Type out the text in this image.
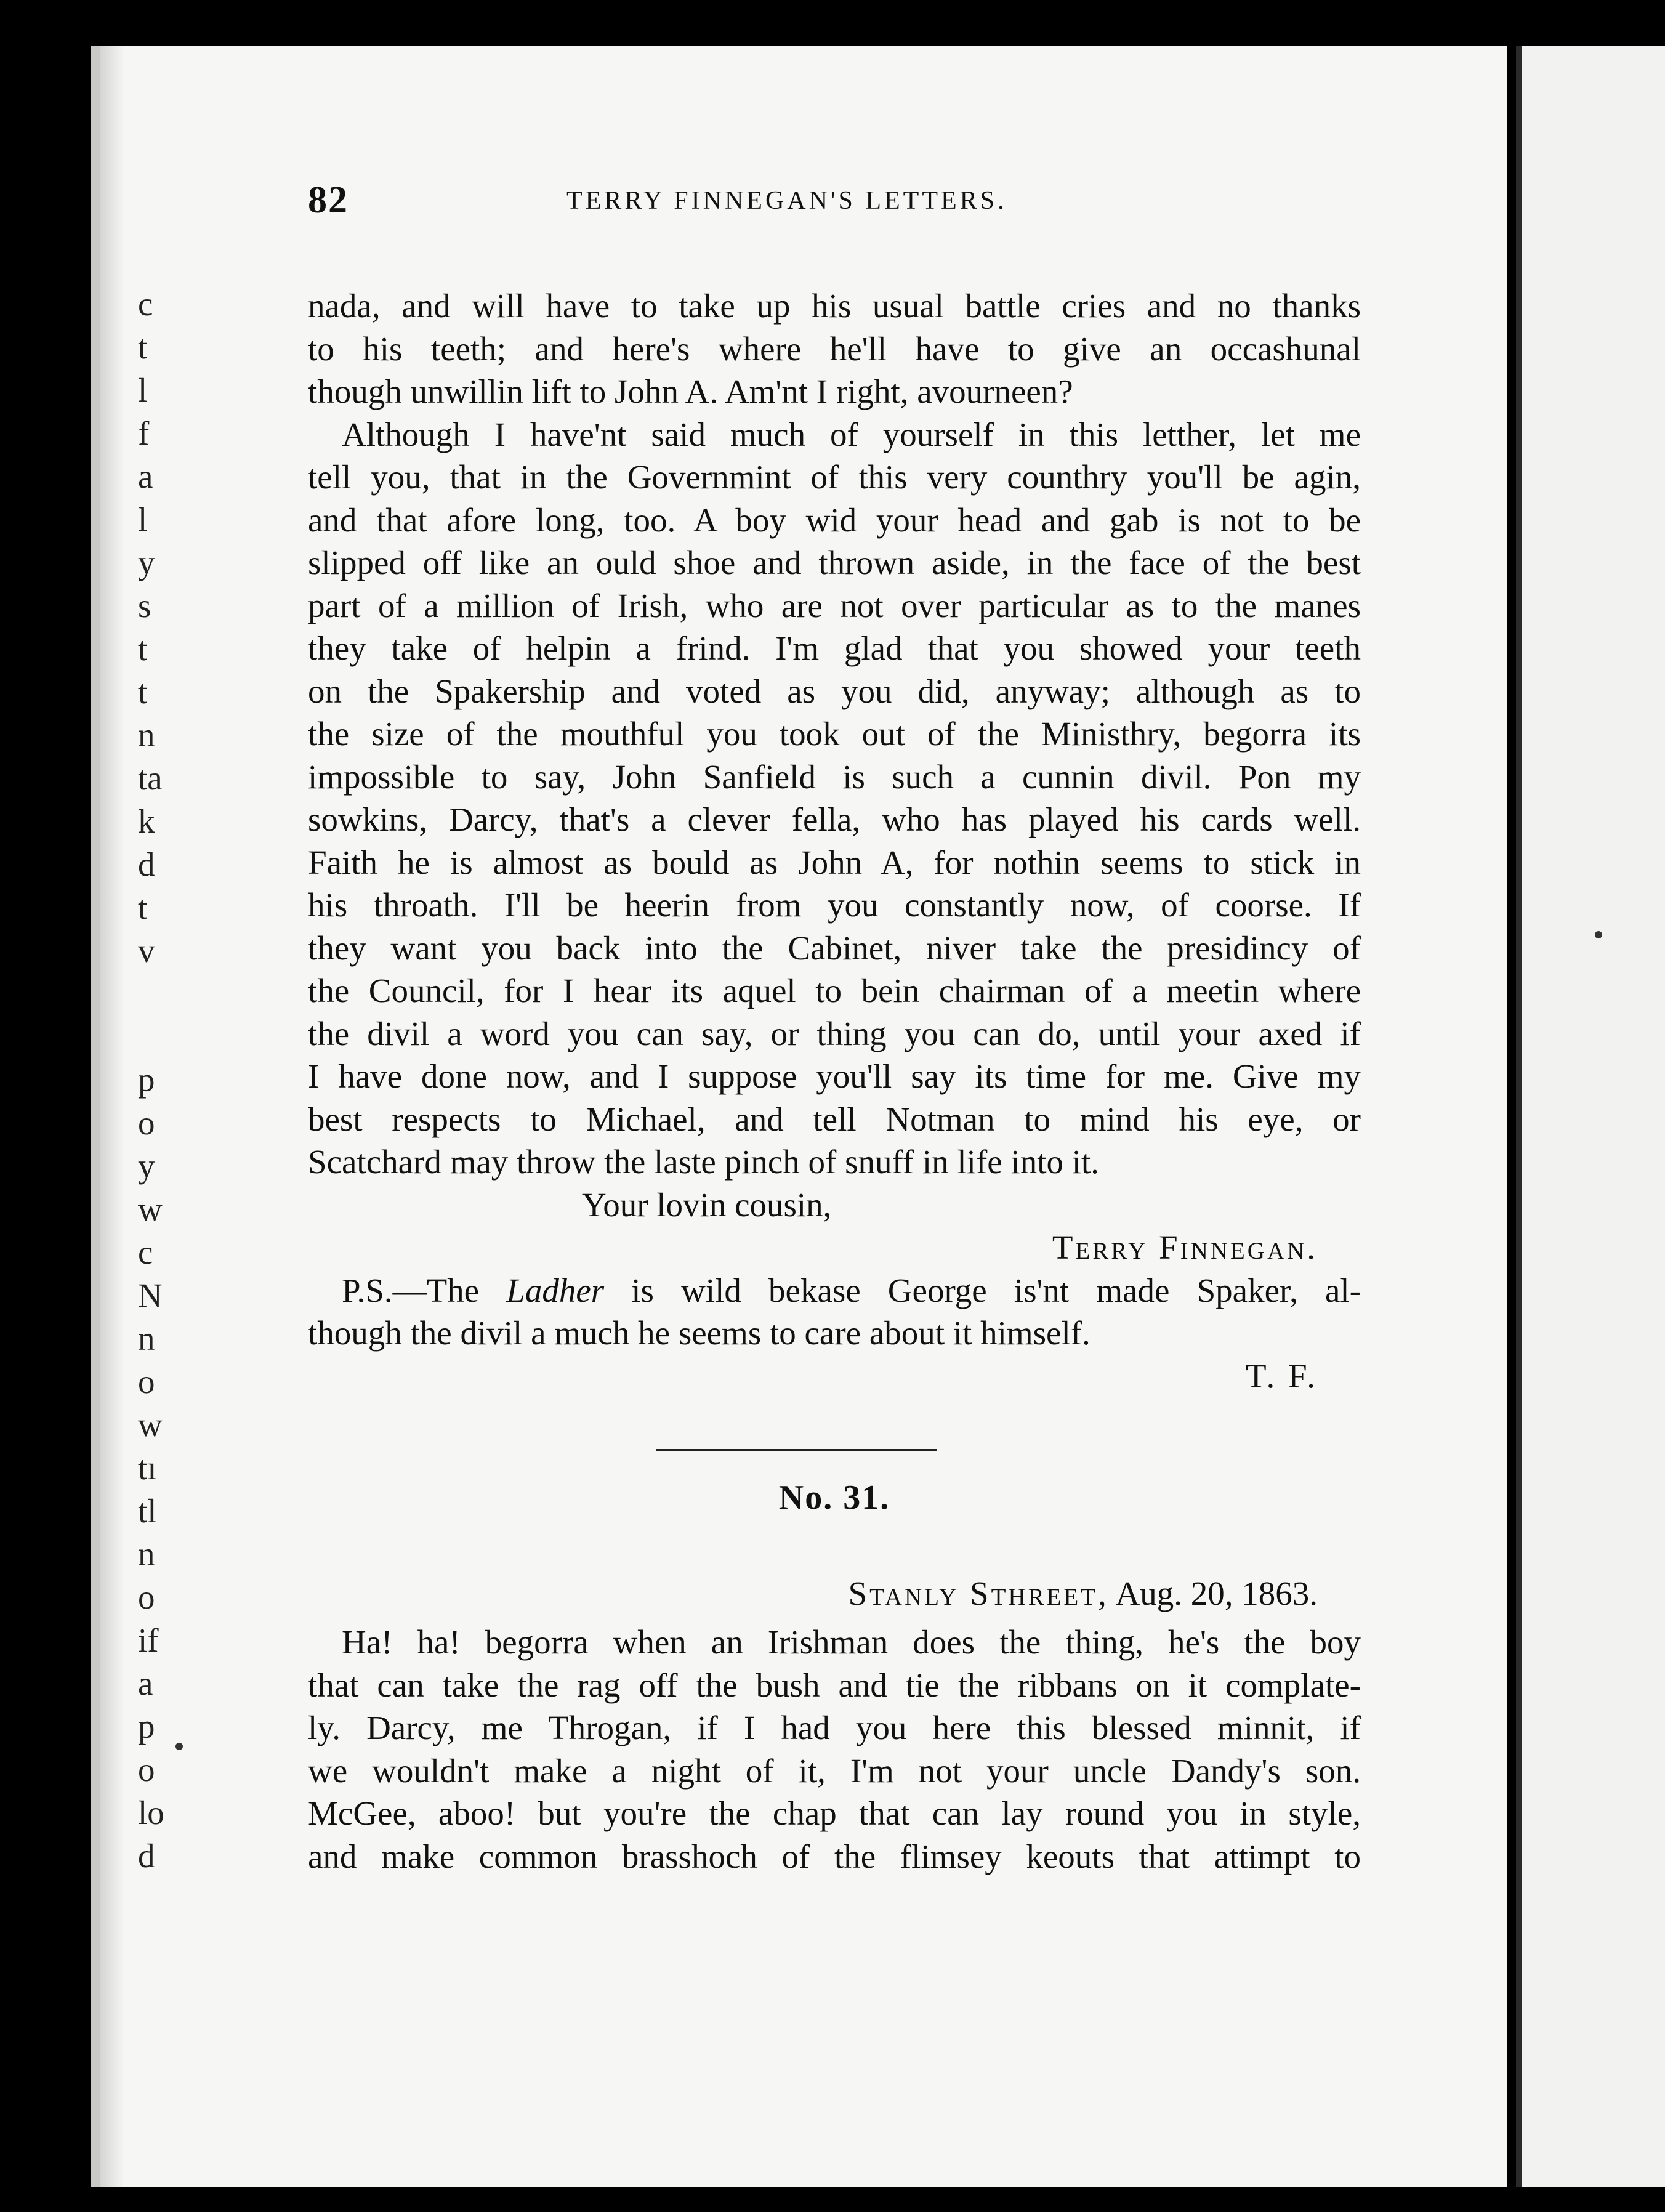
82	TERRY FINNEGAN'S LETTERS.
nada, and will have to take up his usual battle cries and no thanks
to his teeth; and here's where he'll have to give an occashunal
though unwillin lift to John A. Am'nt I right, avourneen?
Although I have'nt said much of yourself in this letther, let me
tell you, that in the Governmint of this very counthry you'll be agin,
and that afore long, too. A boy wid your head and gab is not to be
slipped off like an ould shoe and thrown aside, in the face of the best
part of a million of Irish, who are not over particular as to the manes
they take of helpin a frind. I'm glad that you showed your teeth
on the Spakership and voted as you did, anyway; although as to
the size of the mouthful you took out of the Ministhry, begorra its
impossible to say, John Sanfield is such a cunnin divil. Pon my
sowkins, Darcy, that's a clever fella, who has played his cards well.
Faith he is almost as bould as John A, for nothin seems to stick in
his throath. I'll be heerin from you constantly now, of coorse. If
they want you back into the Cabinet, niver take the presidincy of
the Council, for I hear its aquel to bein chairman of a meetin where
the divil a word you can say, or thing you can do, until your axed if
I have done now, and I suppose you'll say its time for me. Give my
best respects to Michael, and tell Notman to mind his eye, or
Scatchard may throw the laste pinch of snuff in life into it.
Your lovin cousin,
Terry Finnegan.
P.S.—The Ladher is wild bekase George is'nt made Spaker, al-
though the divil a much he seems to care about it himself.
T. F.
No. 31.
Stanly Sthreet, Aug. 20, 1863.
Ha! ha! begorra when an Irishman does the thing, he's the boy
that can take the rag off the bush and tie the ribbans on it complate-
ly. Darcy, me Throgan, if I had you here this blessed minnit, if
we wouldn't make a night of it, I'm not your uncle Dandy's son.
McGee, aboo! but you're the chap that can lay round you in style,
and make common brasshoch of the flimsey keouts that attimpt to
c
t
l
f
a
l
y
s
t
t
n
ta
k
d
t
v
p
o
y
w
c
N
n
o
w
tı
tl
n
o
if
a
p
o
lo
d
